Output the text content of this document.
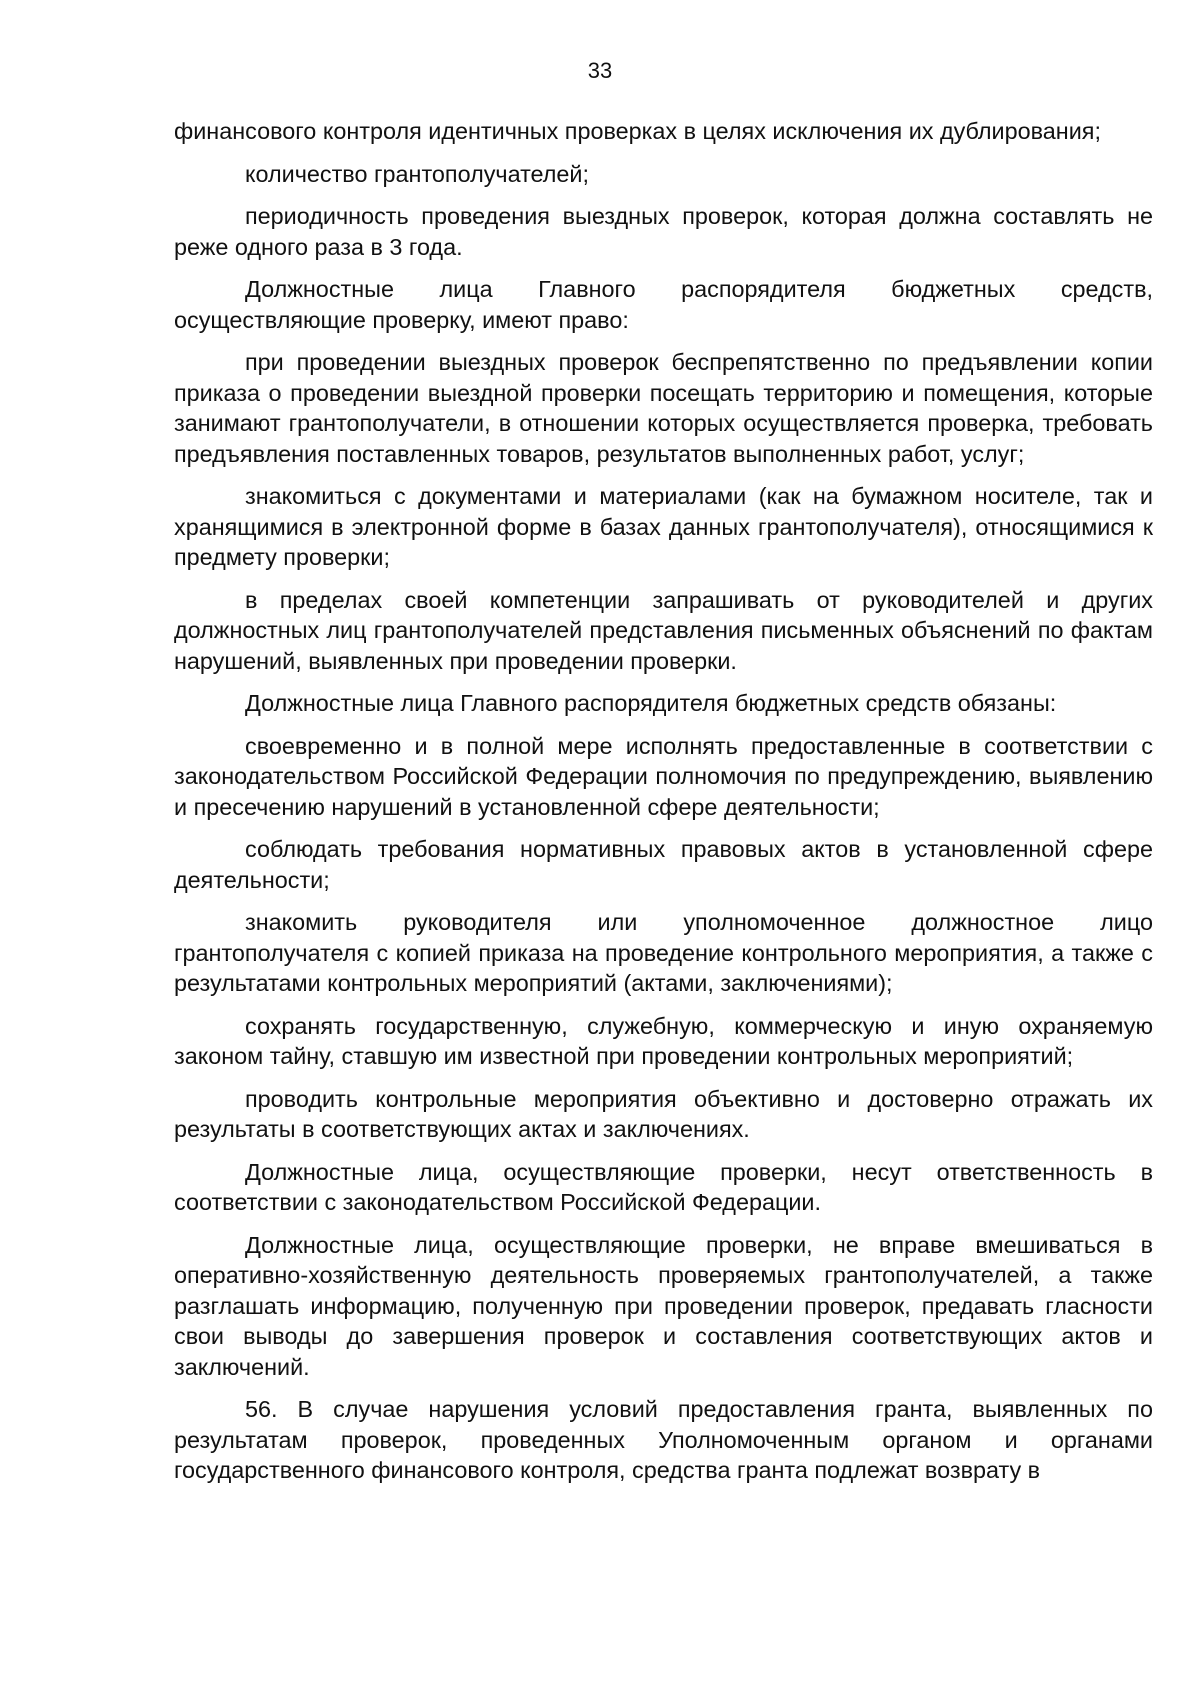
33

финансового контроля идентичных проверках в целях исключения их дублирования;

количество грантополучателей;

периодичность проведения выездных проверок, которая должна составлять не реже одного раза в 3 года.

Должностные лица Главного распорядителя бюджетных средств, осуществляющие проверку, имеют право:

при проведении выездных проверок беспрепятственно по предъявлении копии приказа о проведении выездной проверки посещать территорию и помещения, которые занимают грантополучатели, в отношении которых осуществляется проверка, требовать предъявления поставленных товаров, результатов выполненных работ, услуг;

знакомиться с документами и материалами (как на бумажном носителе, так и хранящимися в электронной форме в базах данных грантополучателя), относящимися к предмету проверки;

в пределах своей компетенции запрашивать от руководителей и других должностных лиц грантополучателей представления письменных объяснений по фактам нарушений, выявленных при проведении проверки.

Должностные лица Главного распорядителя бюджетных средств обязаны:

своевременно и в полной мере исполнять предоставленные в соответствии с законодательством Российской Федерации полномочия по предупреждению, выявлению и пресечению нарушений в установленной сфере деятельности;

соблюдать требования нормативных правовых актов в установленной сфере деятельности;

знакомить руководителя или уполномоченное должностное лицо грантополучателя с копией приказа на проведение контрольного мероприятия, а также с результатами контрольных мероприятий (актами, заключениями);

сохранять государственную, служебную, коммерческую и иную охраняемую законом тайну, ставшую им известной при проведении контрольных мероприятий;

проводить контрольные мероприятия объективно и достоверно отражать их результаты в соответствующих актах и заключениях.

Должностные лица, осуществляющие проверки, несут ответственность в соответствии с законодательством Российской Федерации.

Должностные лица, осуществляющие проверки, не вправе вмешиваться в оперативно-хозяйственную деятельность проверяемых грантополучателей, а также разглашать информацию, полученную при проведении проверок, предавать гласности свои выводы до завершения проверок и составления соответствующих актов и заключений.

56. В случае нарушения условий предоставления гранта, выявленных по результатам проверок, проведенных Уполномоченным органом и органами государственного финансового контроля, средства гранта подлежат возврату в
